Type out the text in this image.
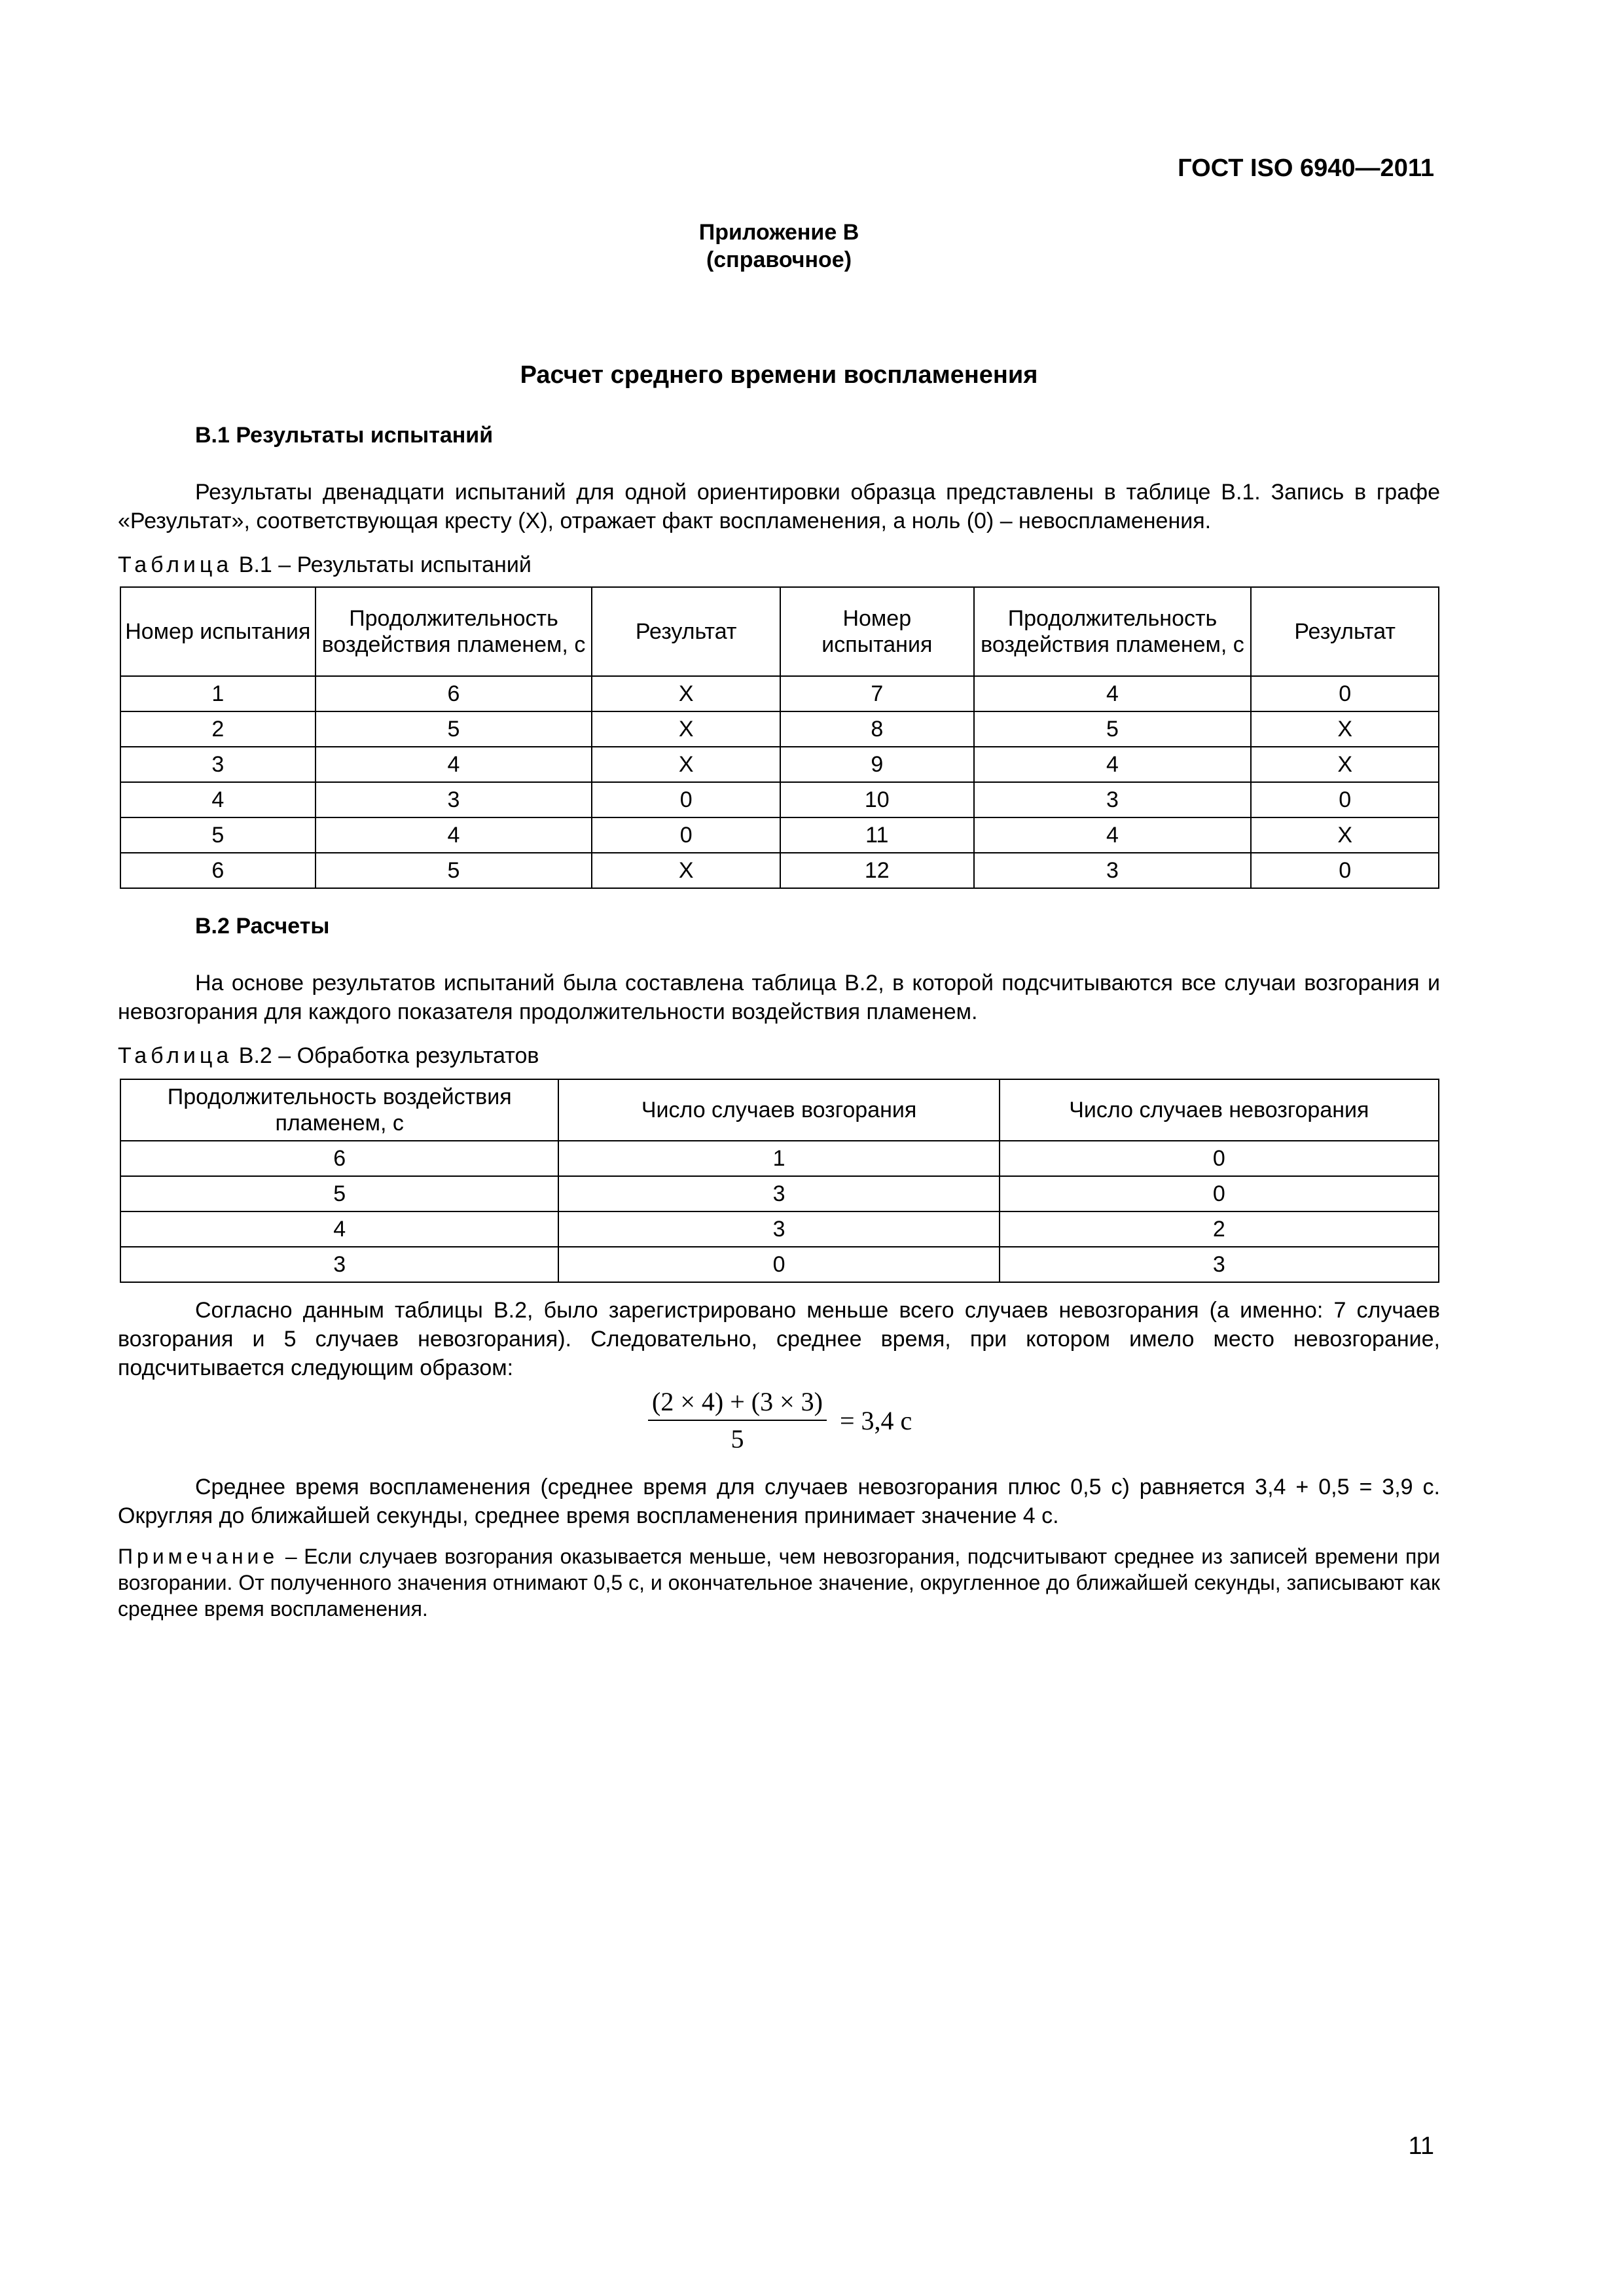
ГОСТ ISO 6940—2011
Приложение В
(справочное)
Расчет среднего времени воспламенения
В.1 Результаты испытаний
Результаты двенадцати испытаний для одной ориентировки образца представлены в таблице В.1. Запись в графе «Результат», соответствующая кресту (X), отражает факт воспламенения, а ноль (0) – невоспламенения.
Таблица В.1 – Результаты испытаний
Номер испытания	Продолжительность воздействия пламенем, с	Результат	Номер испытания	Продолжительность воздействия пламенем, с	Результат
1	6	X	7	4	0
2	5	X	8	5	X
3	4	X	9	4	X
4	3	0	10	3	0
5	4	0	11	4	X
6	5	X	12	3	0
В.2 Расчеты
На основе результатов испытаний была составлена таблица В.2, в которой подсчитываются все случаи возгорания и невозгорания для каждого показателя продолжительности воздействия пламенем.
Таблица В.2 – Обработка результатов
Продолжительность воздействия пламенем, с	Число случаев возгорания	Число случаев невозгорания
6	1	0
5	3	0
4	3	2
3	0	3
Согласно данным таблицы В.2, было зарегистрировано меньше всего случаев невозгорания (а именно: 7 случаев возгорания и 5 случаев невозгорания). Следовательно, среднее время, при котором имело место невозгорание, подсчитывается следующим образом:
$\frac{(2 \times 4) + (3 \times 3)}{5} = 3,4$ c
Среднее время воспламенения (среднее время для случаев невозгорания плюс 0,5 с) равняется 3,4 + 0,5 = 3,9 с. Округляя до ближайшей секунды, среднее время воспламенения принимает значение 4 с.
Примечание – Если случаев возгорания оказывается меньше, чем невозгорания, подсчитывают среднее из записей времени при возгорании. От полученного значения отнимают 0,5 с, и окончательное значение, округленное до ближайшей секунды, записывают как среднее время воспламенения.
11
